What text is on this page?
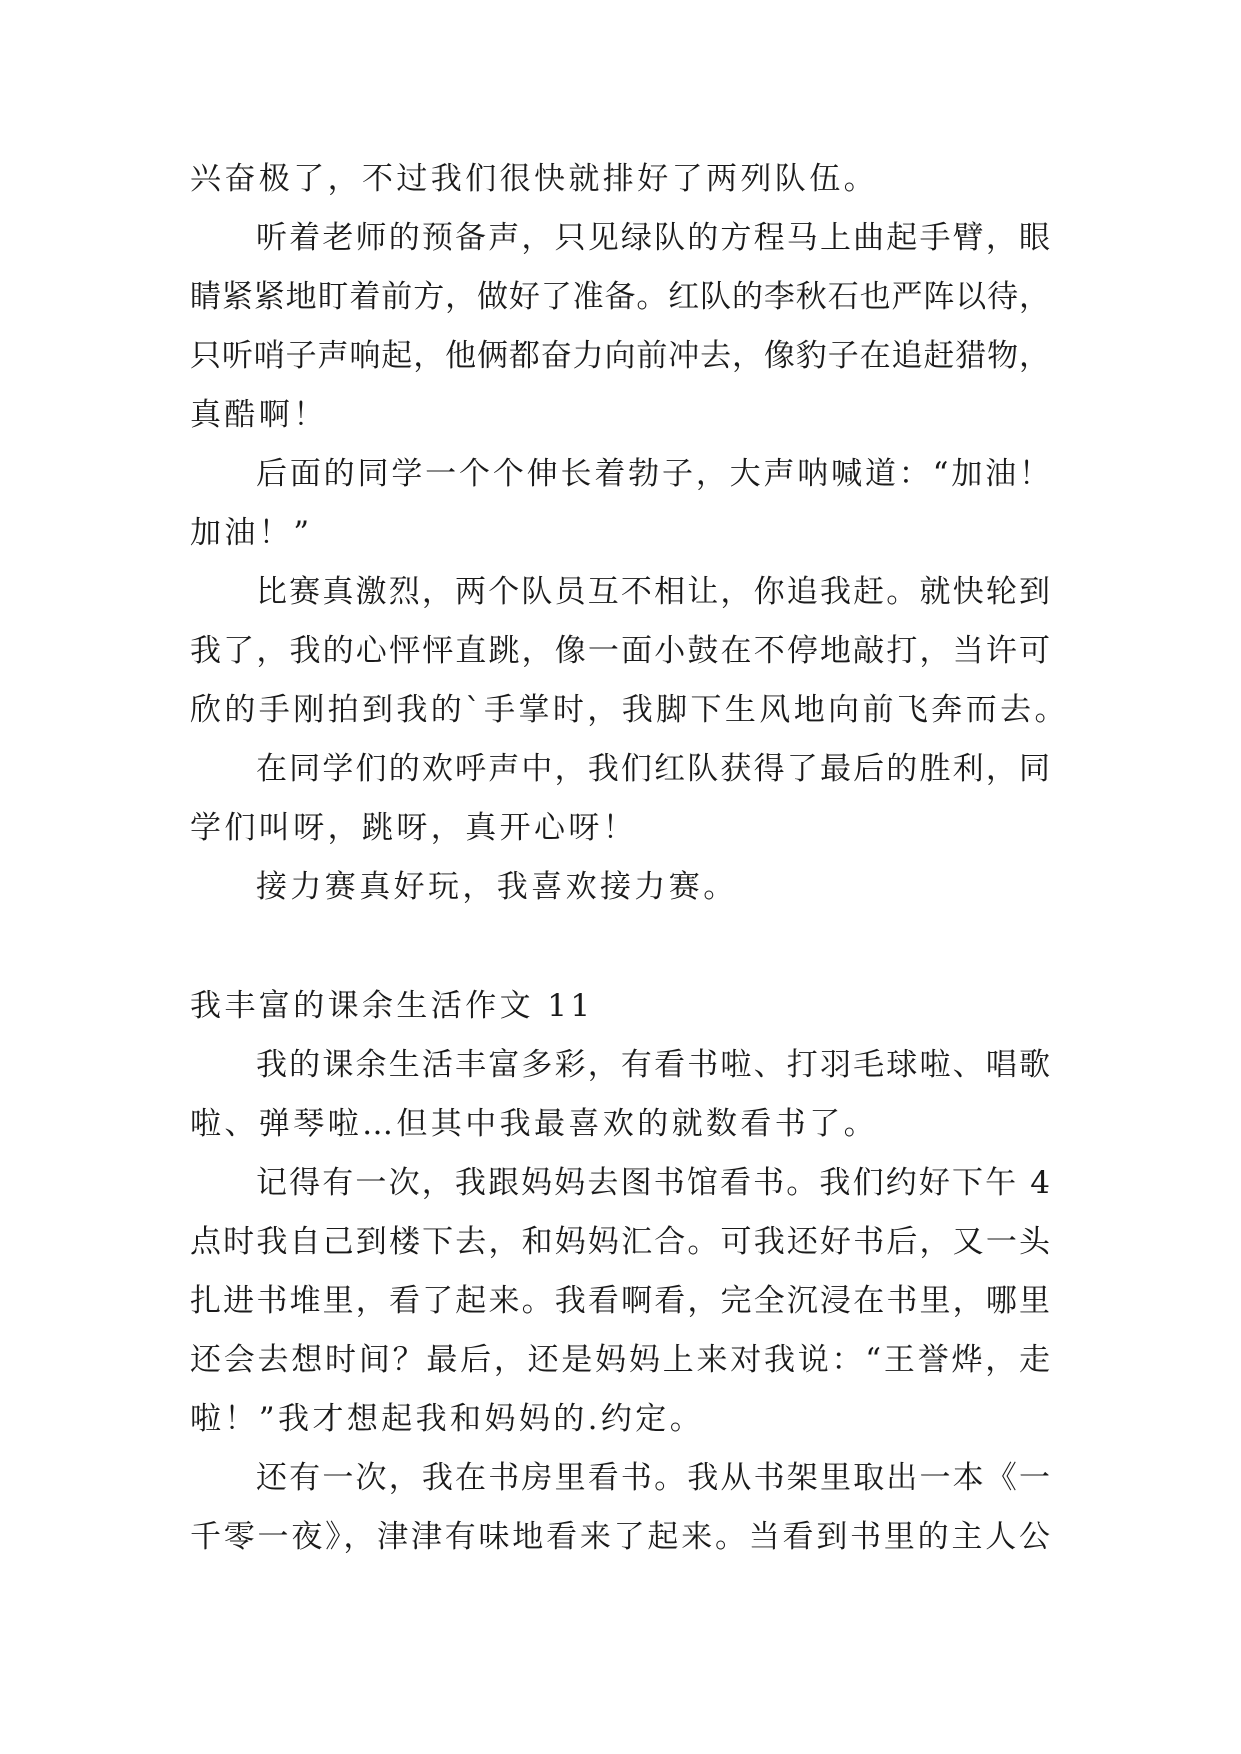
兴奋极了，不过我们很快就排好了两列队伍。
听着老师的预备声，只见绿队的方程马上曲起手臂，眼
睛紧紧地盯着前方，做好了准备。红队的李秋石也严阵以待，
只听哨子声响起，他俩都奋力向前冲去，像豹子在追赶猎物，
真酷啊！
后面的同学一个个伸长着勃子，大声呐喊道：“加油！
加油！”
比赛真激烈，两个队员互不相让，你追我赶。就快轮到
我了，我的心怦怦直跳，像一面小鼓在不停地敲打，当许可
欣的手刚拍到我的`手掌时，我脚下生风地向前飞奔而去。
在同学们的欢呼声中，我们红队获得了最后的胜利，同
学们叫呀，跳呀，真开心呀！
接力赛真好玩，我喜欢接力赛。
我丰富的课余生活作文 11
我的课余生活丰富多彩，有看书啦、打羽毛球啦、唱歌
啦、弹琴啦…但其中我最喜欢的就数看书了。
记得有一次，我跟妈妈去图书馆看书。我们约好下午 4
点时我自己到楼下去，和妈妈汇合。可我还好书后，又一头
扎进书堆里，看了起来。我看啊看，完全沉浸在书里，哪里
还会去想时间？最后，还是妈妈上来对我说：“王誉烨，走
啦！”我才想起我和妈妈的.约定。
还有一次，我在书房里看书。我从书架里取出一本《一
千零一夜》，津津有味地看来了起来。当看到书里的主人公
